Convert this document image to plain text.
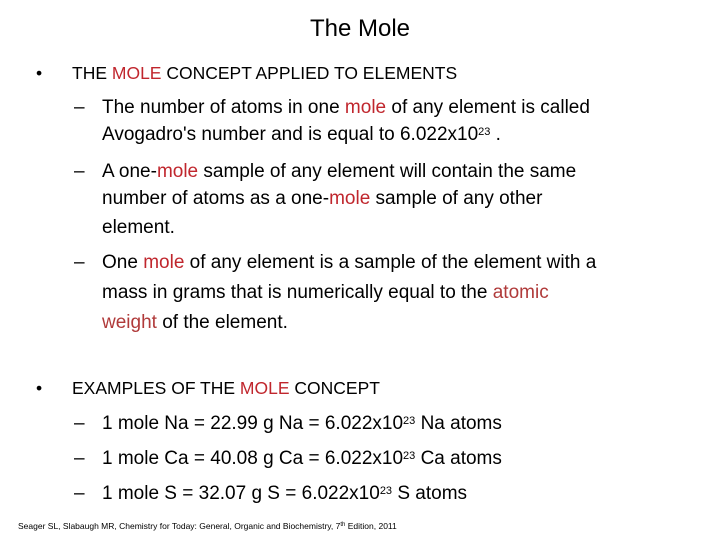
The Mole
• THE MOLE CONCEPT APPLIED TO ELEMENTS
– The number of atoms in one mole of any element is called
Avogadro's number and is equal to $6.022x10^{23}$ .
– A one-mole sample of any element will contain the same
number of atoms as a one-mole sample of any other
element.
– One mole of any element is a sample of the element with a
mass in grams that is numerically equal to the atomic
weight of the element.
• EXAMPLES OF THE MOLE CONCEPT
– 1 mole Na = 22.99 g $Na = 6.022x10^{23}$ Na atoms
– 1 mole Ca = 40.08 g $Ca = 6.022x10^{23}$ Ca atoms
– 1 mole S = 32.07 g $S = 6.022x10^{23}$ S atoms
Seager SL, Slabaugh MR, Chemistry for Today: General, Organic and Biochemistry, 7th Edition, 2011
